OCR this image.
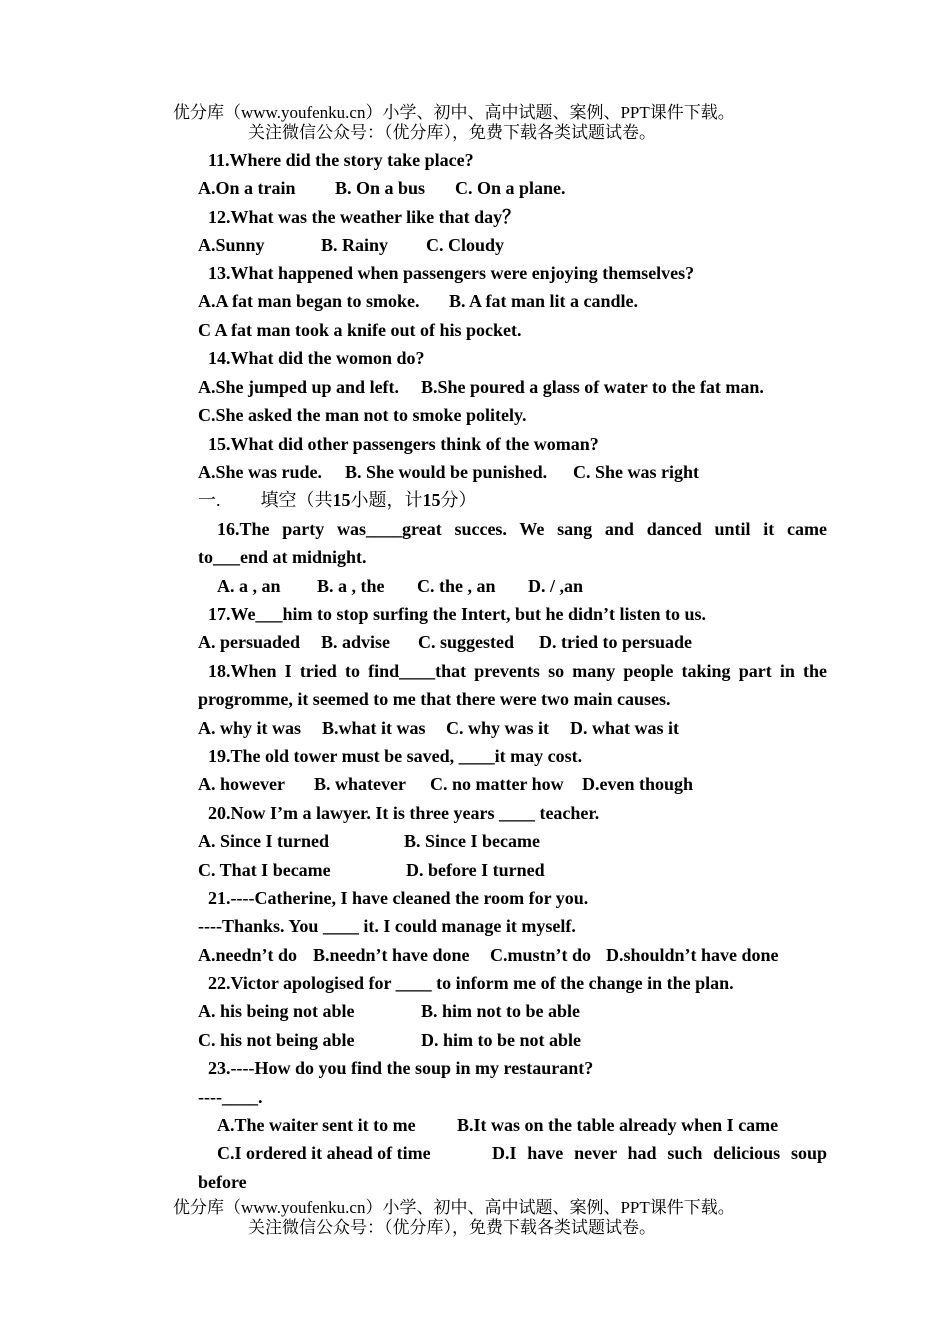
优分库（www.youfenku.cn）小学、初中、高中试题、案例、PPT课件下载。
关注微信公众号：（优分库），免费下载各类试题试卷。
11.Where did the story take place?
A.On a train B. On a bus C. On a plane.
12.What was the weather like that day？
A.Sunny	B. Rainy C. Cloudy
13.What happened when passengers were enjoying themselves?
A.A fat man began to smoke. B. A fat man lit a candle.
C A fat man took a knife out of his pocket.
14.What did the womon do?
A.She jumped up and left. B.She poured a glass of water to the fat man.
C.She asked the man not to smoke politely.
15.What did other passengers think of the woman?
A.She was rude. B. She would be punished. C. She was right
一. 填空（共15小题，计15分）
16.The party was____great succes. We sang and danced until it came
to___end at midnight.
A. a , an B. a , the C. the , an D. / ,an
17.We___him to stop surfing the Intert, but he didn’t listen to us.
A. persuaded B. advise C. suggested D. tried to persuade
18.When I tried to find____that prevents so many people taking part in the
progromme, it seemed to me that there were two main causes.
A. why it was B.what it was C. why was it D. what was it
19.The old tower must be saved, ____it may cost.
A. however B. whatever C. no matter how D.even though
20.Now I’m a lawyer. It is three years ____ teacher.
A. Since I turned	B. Since I became
C. That I became	D. before I turned
21.----Catherine, I have cleaned the room for you.
----Thanks. You ____ it. I could manage it myself.
A.needn’t do B.needn’t have done C.mustn’t do D.shouldn’t have done
22.Victor apologised for ____ to inform me of the change in the plan.
A. his being not able	B. him not to be able
C. his not being able	D. him to be not able
23.----How do you find the soup in my restaurant?
----____.
A.The waiter sent it to me B.It was on the table already when I came
C.I ordered it ahead of time	D.I have never had such delicious soup
before
优分库（www.youfenku.cn）小学、初中、高中试题、案例、PPT课件下载。
关注微信公众号：（优分库），免费下载各类试题试卷。
